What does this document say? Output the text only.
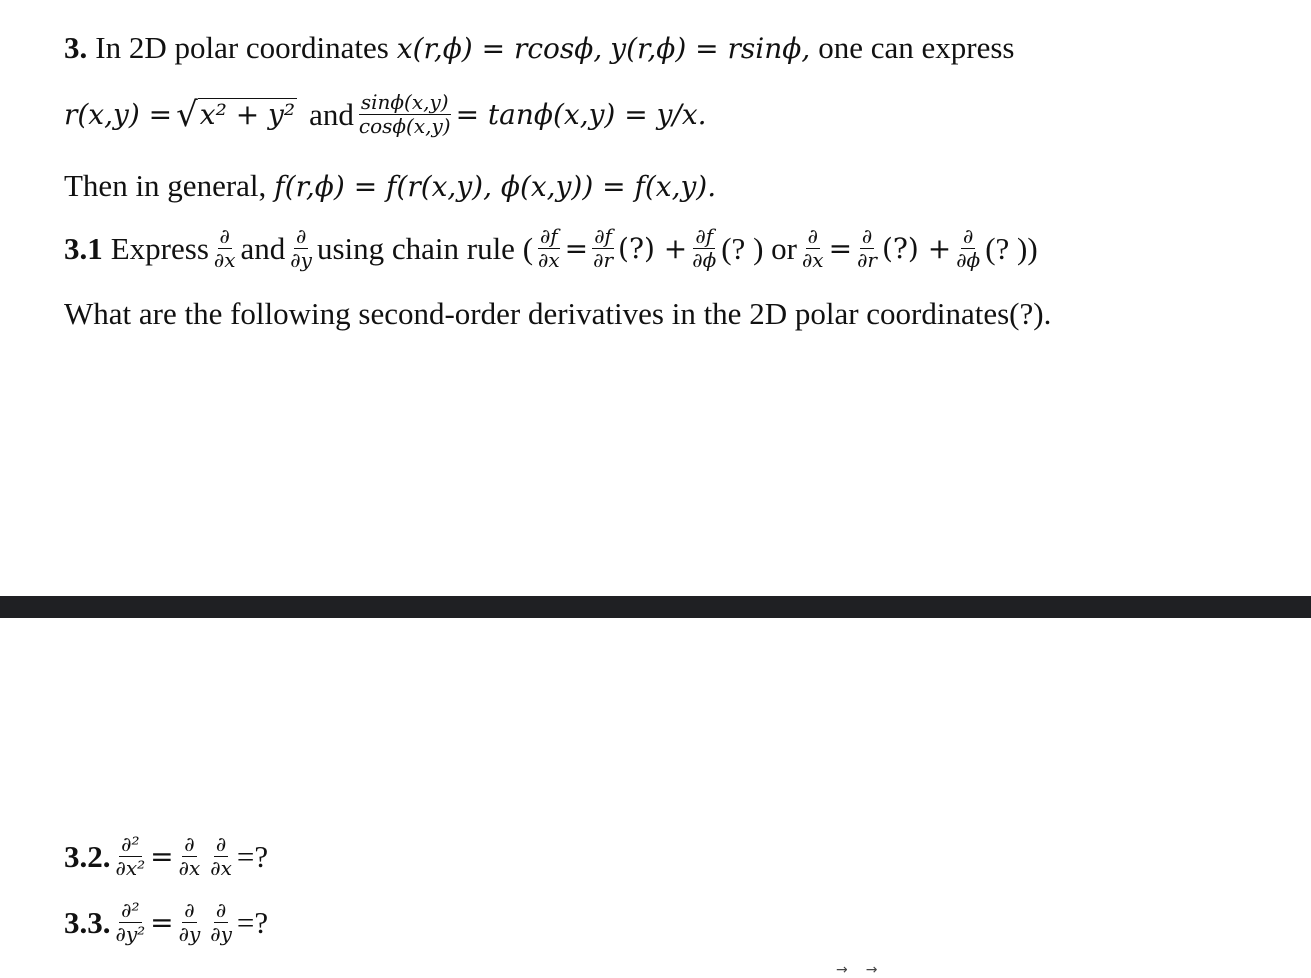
3. In 2D polar coordinates x(r,ϕ) = rcosϕ, y(r,ϕ) = rsinϕ, one can express
r(x,y) = √ x² + y² and $\frac{\sin\phi(x,y)}{\cos\phi(x,y)} = \tan\phi(x,y) = y/x$.
Then in general, f(r,ϕ) = f(r(x,y), ϕ(x,y)) = f(x,y).
3.1 Express $\frac{\partial}{\partial x}$ and $\frac{\partial}{\partial y}$ using chain rule ( $\frac{\partial f}{\partial x} = \frac{\partial f}{\partial r}$ (?) + $\frac{\partial f}{\partial\phi}$ (? ) or $\frac{\partial}{\partial x} = \frac{\partial}{\partial r}$ (?) + $\frac{\partial}{\partial\phi}$ (? ))
What are the following second-order derivatives in the 2D polar coordinates(?).
3.2. $\frac{\text{∂²}}{\text{∂x²}} = \frac{\partial}{\partial x} \frac{\partial}{\partial x}$ =?
3.3. $\frac{\text{∂²}}{\text{∂y²}} = \frac{\partial}{\partial y} \frac{\partial}{\partial y}$ =?
→→
